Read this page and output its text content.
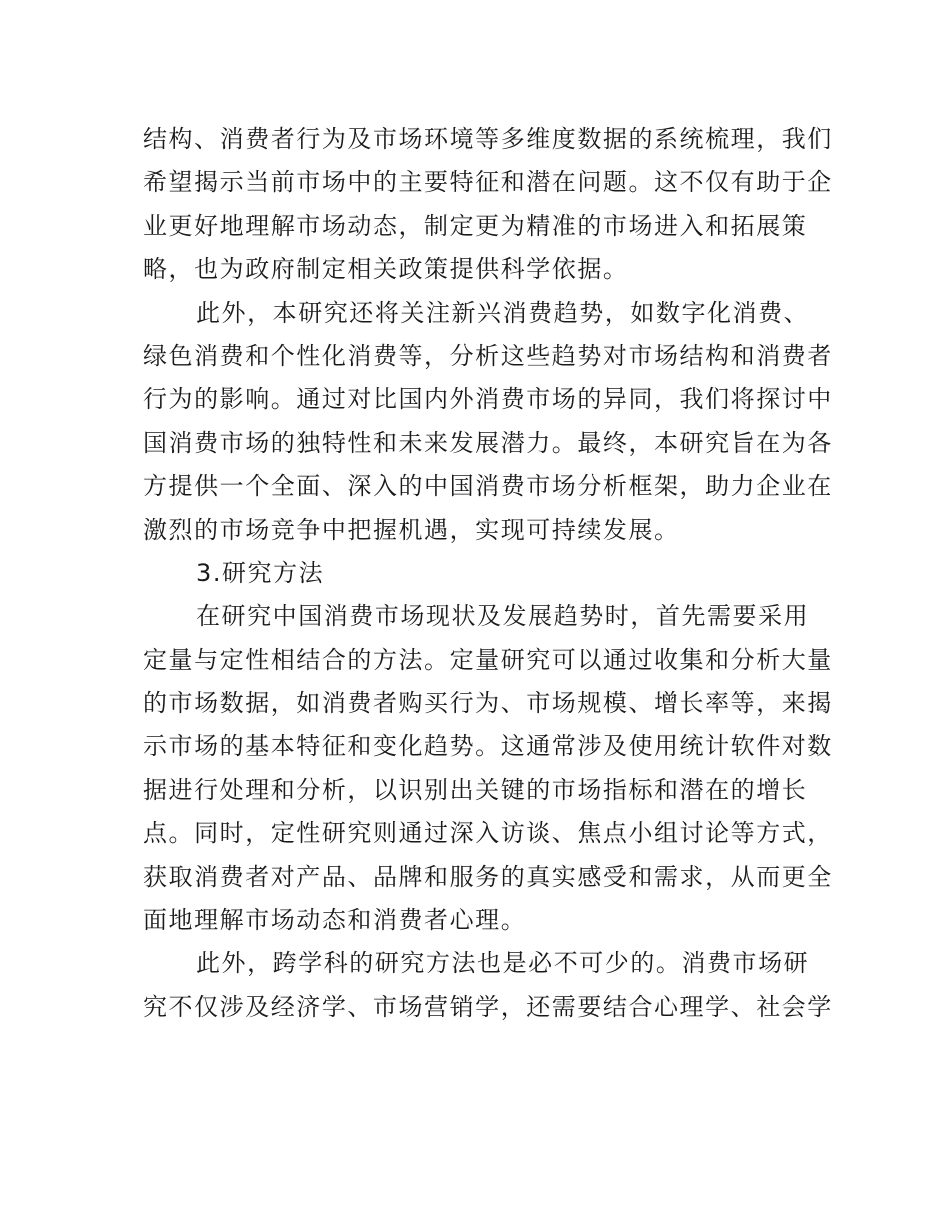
结构、消费者行为及市场环境等多维度数据的系统梳理，我们
希望揭示当前市场中的主要特征和潜在问题。这不仅有助于企
业更好地理解市场动态，制定更为精准的市场进入和拓展策
略，也为政府制定相关政策提供科学依据。
此外，本研究还将关注新兴消费趋势，如数字化消费、
绿色消费和个性化消费等，分析这些趋势对市场结构和消费者
行为的影响。通过对比国内外消费市场的异同，我们将探讨中
国消费市场的独特性和未来发展潜力。最终，本研究旨在为各
方提供一个全面、深入的中国消费市场分析框架，助力企业在
激烈的市场竞争中把握机遇，实现可持续发展。
3.研究方法
在研究中国消费市场现状及发展趋势时，首先需要采用
定量与定性相结合的方法。定量研究可以通过收集和分析大量
的市场数据，如消费者购买行为、市场规模、增长率等，来揭
示市场的基本特征和变化趋势。这通常涉及使用统计软件对数
据进行处理和分析，以识别出关键的市场指标和潜在的增长
点。同时，定性研究则通过深入访谈、焦点小组讨论等方式，
获取消费者对产品、品牌和服务的真实感受和需求，从而更全
面地理解市场动态和消费者心理。
此外，跨学科的研究方法也是必不可少的。消费市场研
究不仅涉及经济学、市场营销学，还需要结合心理学、社会学
